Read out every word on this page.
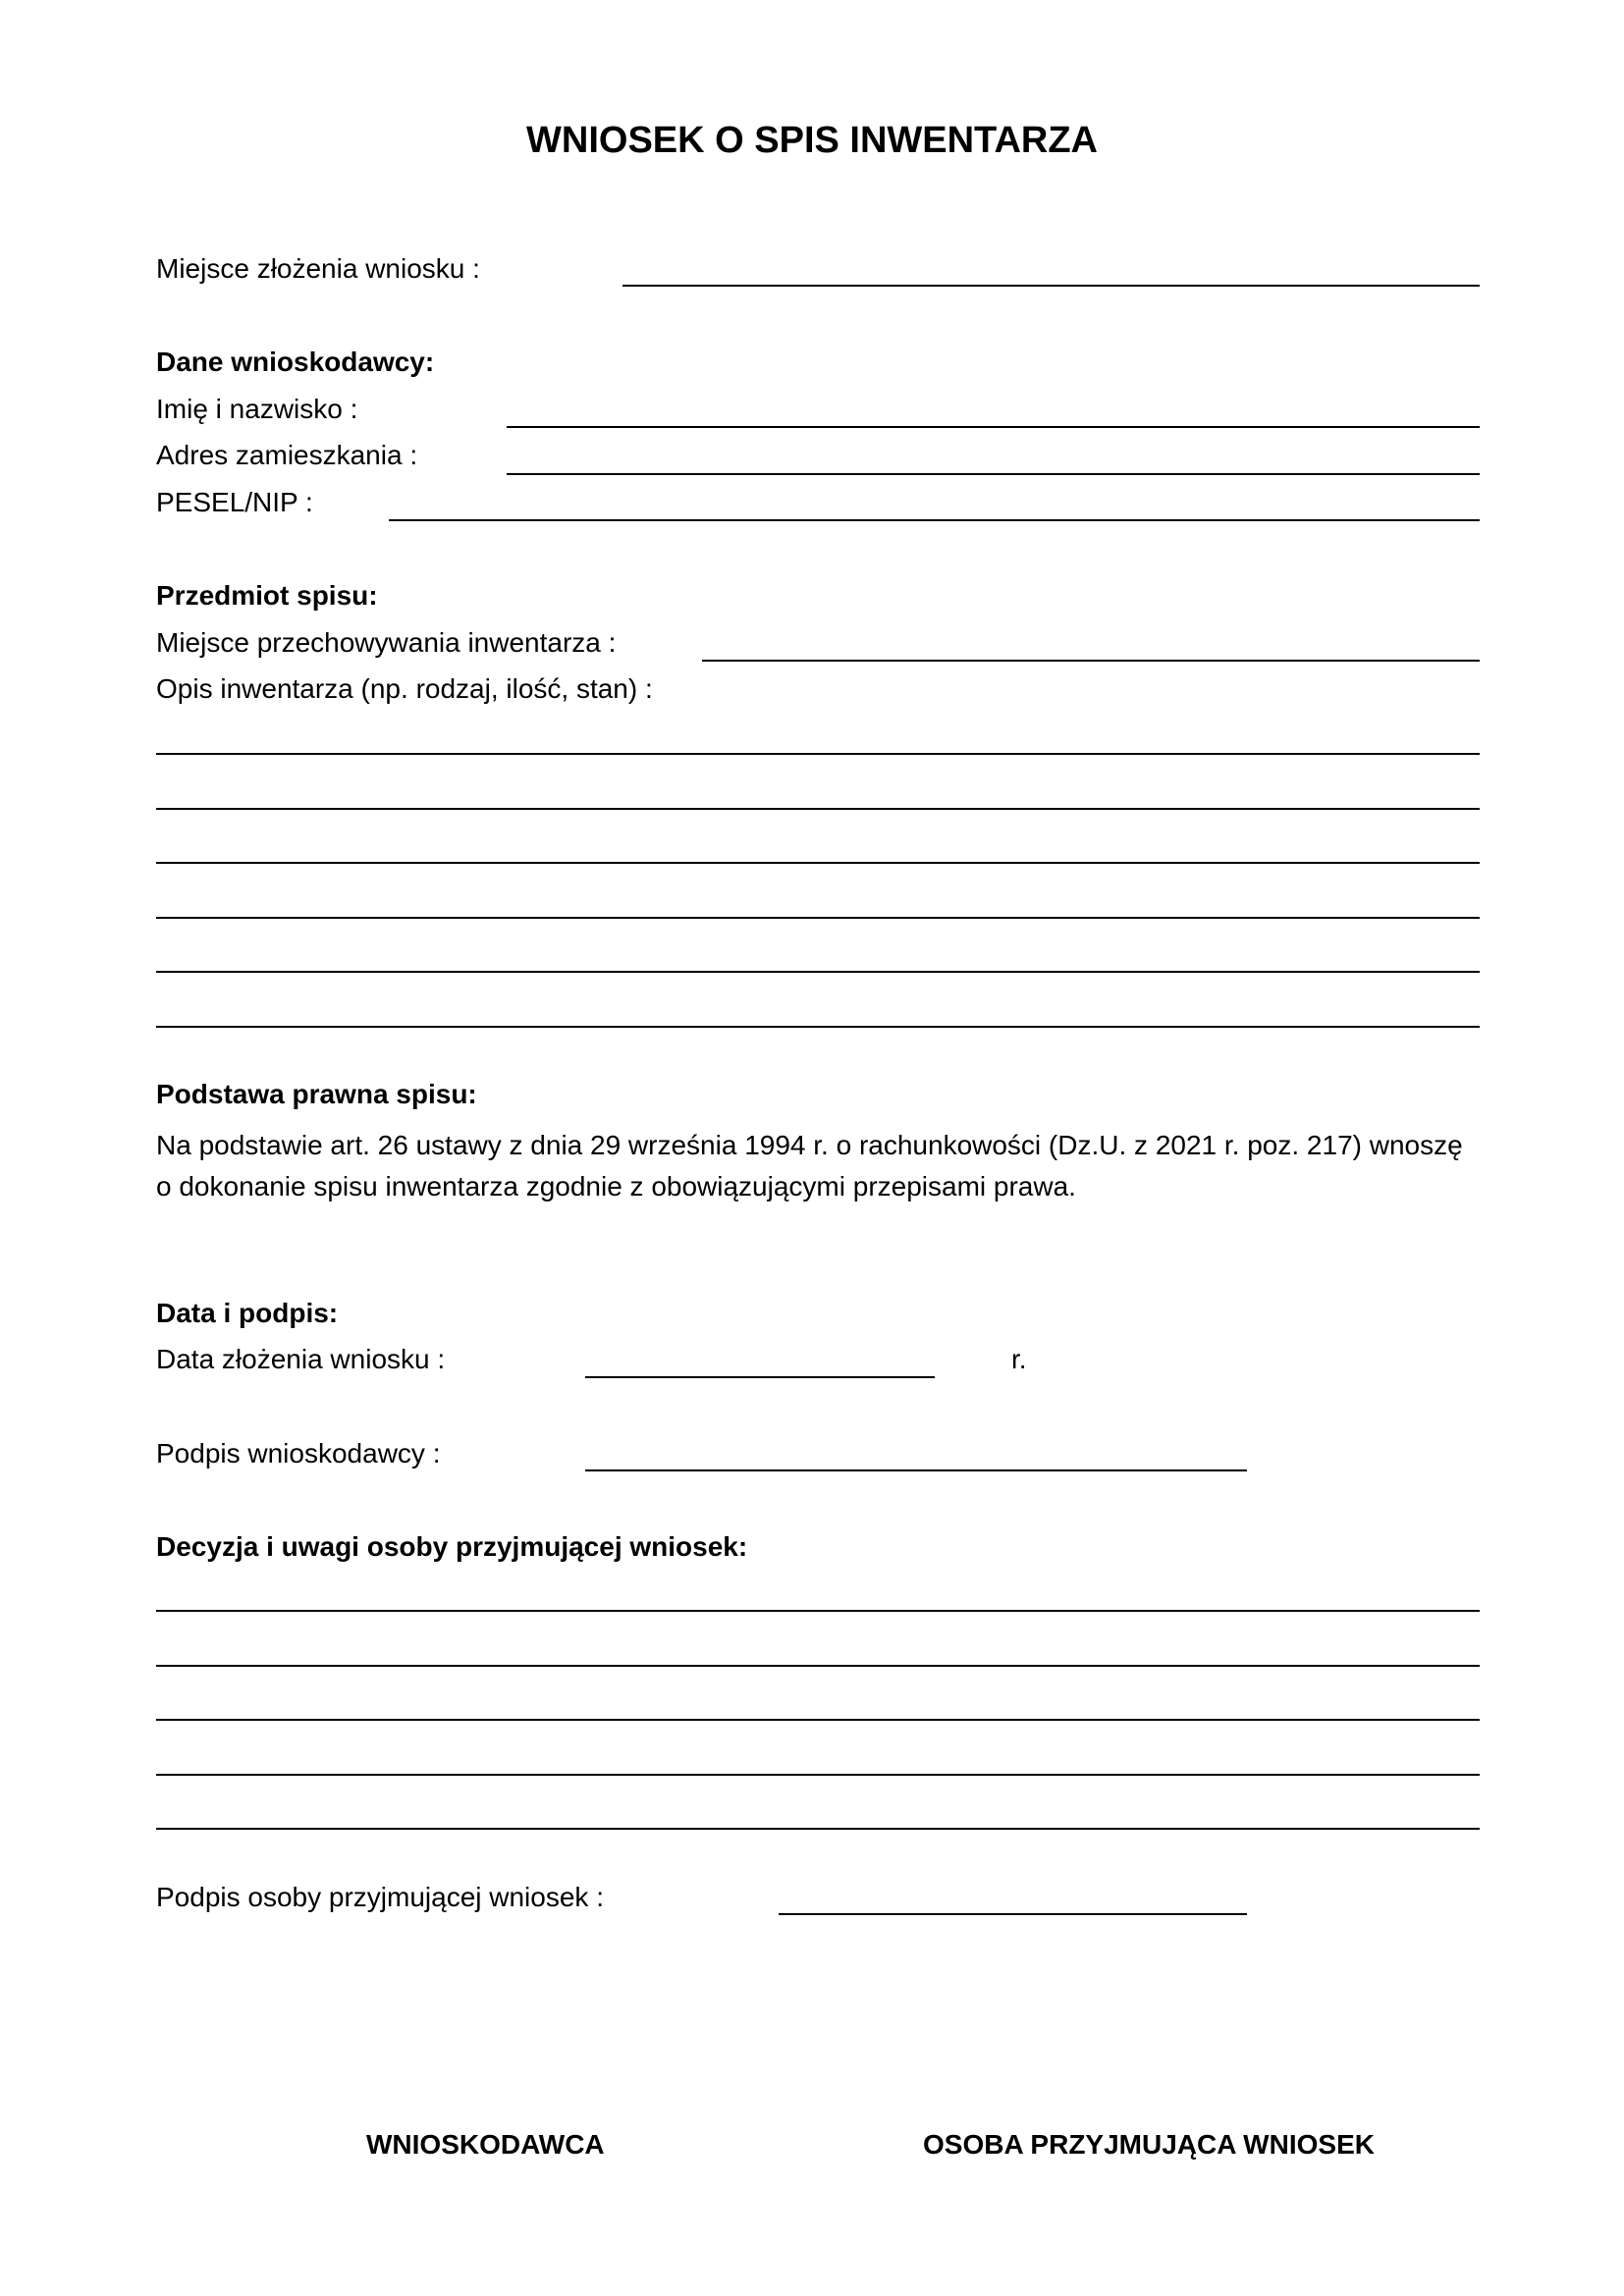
WNIOSEK O SPIS INWENTARZA
Miejsce złożenia wniosku :
Dane wnioskodawcy:
Imię i nazwisko :
Adres zamieszkania :
PESEL/NIP :
Przedmiot spisu:
Miejsce przechowywania inwentarza :
Opis inwentarza (np. rodzaj, ilość, stan) :
Podstawa prawna spisu:
Na podstawie art. 26 ustawy z dnia 29 września 1994 r. o rachunkowości (Dz.U. z 2021 r. poz. 217) wnoszę
o dokonanie spisu inwentarza zgodnie z obowiązującymi przepisami prawa.
Data i podpis:
Data złożenia wniosku :	r.
Podpis wnioskodawcy :
Decyzja i uwagi osoby przyjmującej wniosek:
Podpis osoby przyjmującej wniosek :
WNIOSKODAWCA	OSOBA PRZYJMUJĄCA WNIOSEK
